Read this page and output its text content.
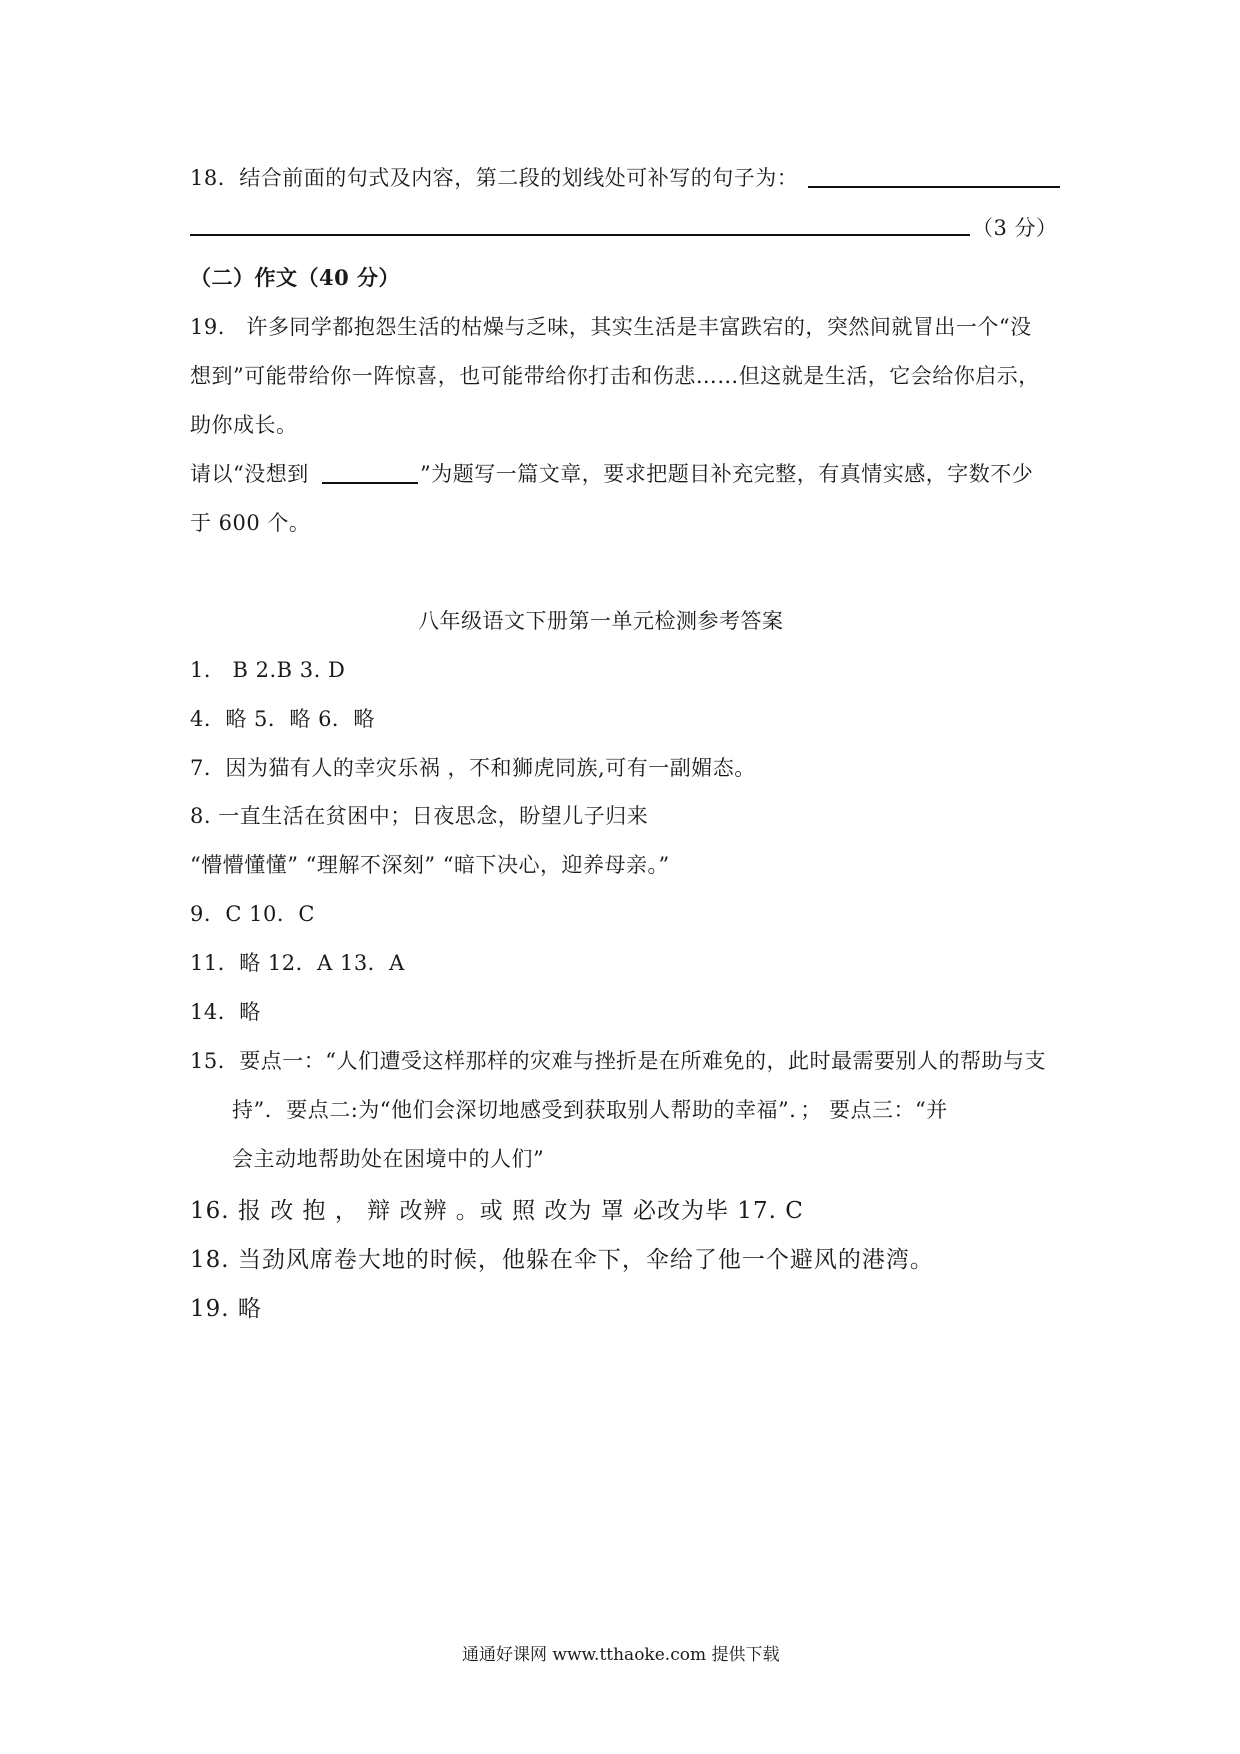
18．结合前面的句式及内容，第二段的划线处可补写的句子为：
（3 分）
（二）作文（40 分）
19.　许多同学都抱怨生活的枯燥与乏味，其实生活是丰富跌宕的，突然间就冒出一个“没
想到”可能带给你一阵惊喜，也可能带给你打击和伤悲……但这就是生活，它会给你启示，
助你成长。
请以“没想到	”为题写一篇文章，要求把题目补充完整，有真情实感，字数不少
于 600 个。
八年级语文下册第一单元检测参考答案
1． B 2.B 3. D
4．略 5．略 6．略
7．因为猫有人的幸灾乐祸 ，不和狮虎同族,可有一副媚态。
8. 一直生活在贫困中；日夜思念，盼望儿子归来
“懵懵懂懂” “理解不深刻” “暗下决心，迎养母亲。”
9．C 10．C
11．略 12．A 13．A
14．略
15．要点一：“人们遭受这样那样的灾难与挫折是在所难免的，此时最需要别人的帮助与支
持”．要点二:为“他们会深切地感受到获取别人帮助的幸福”．； 要点三：“并
会主动地帮助处在困境中的人们”
16. 报 改 抱 ， 辩 改辨 。或 照 改为 罩 必改为毕 17. C
18. 当劲风席卷大地的时候，他躲在伞下，伞给了他一个避风的港湾。
19. 略
通通好课网 www.tthaoke.com 提供下载
